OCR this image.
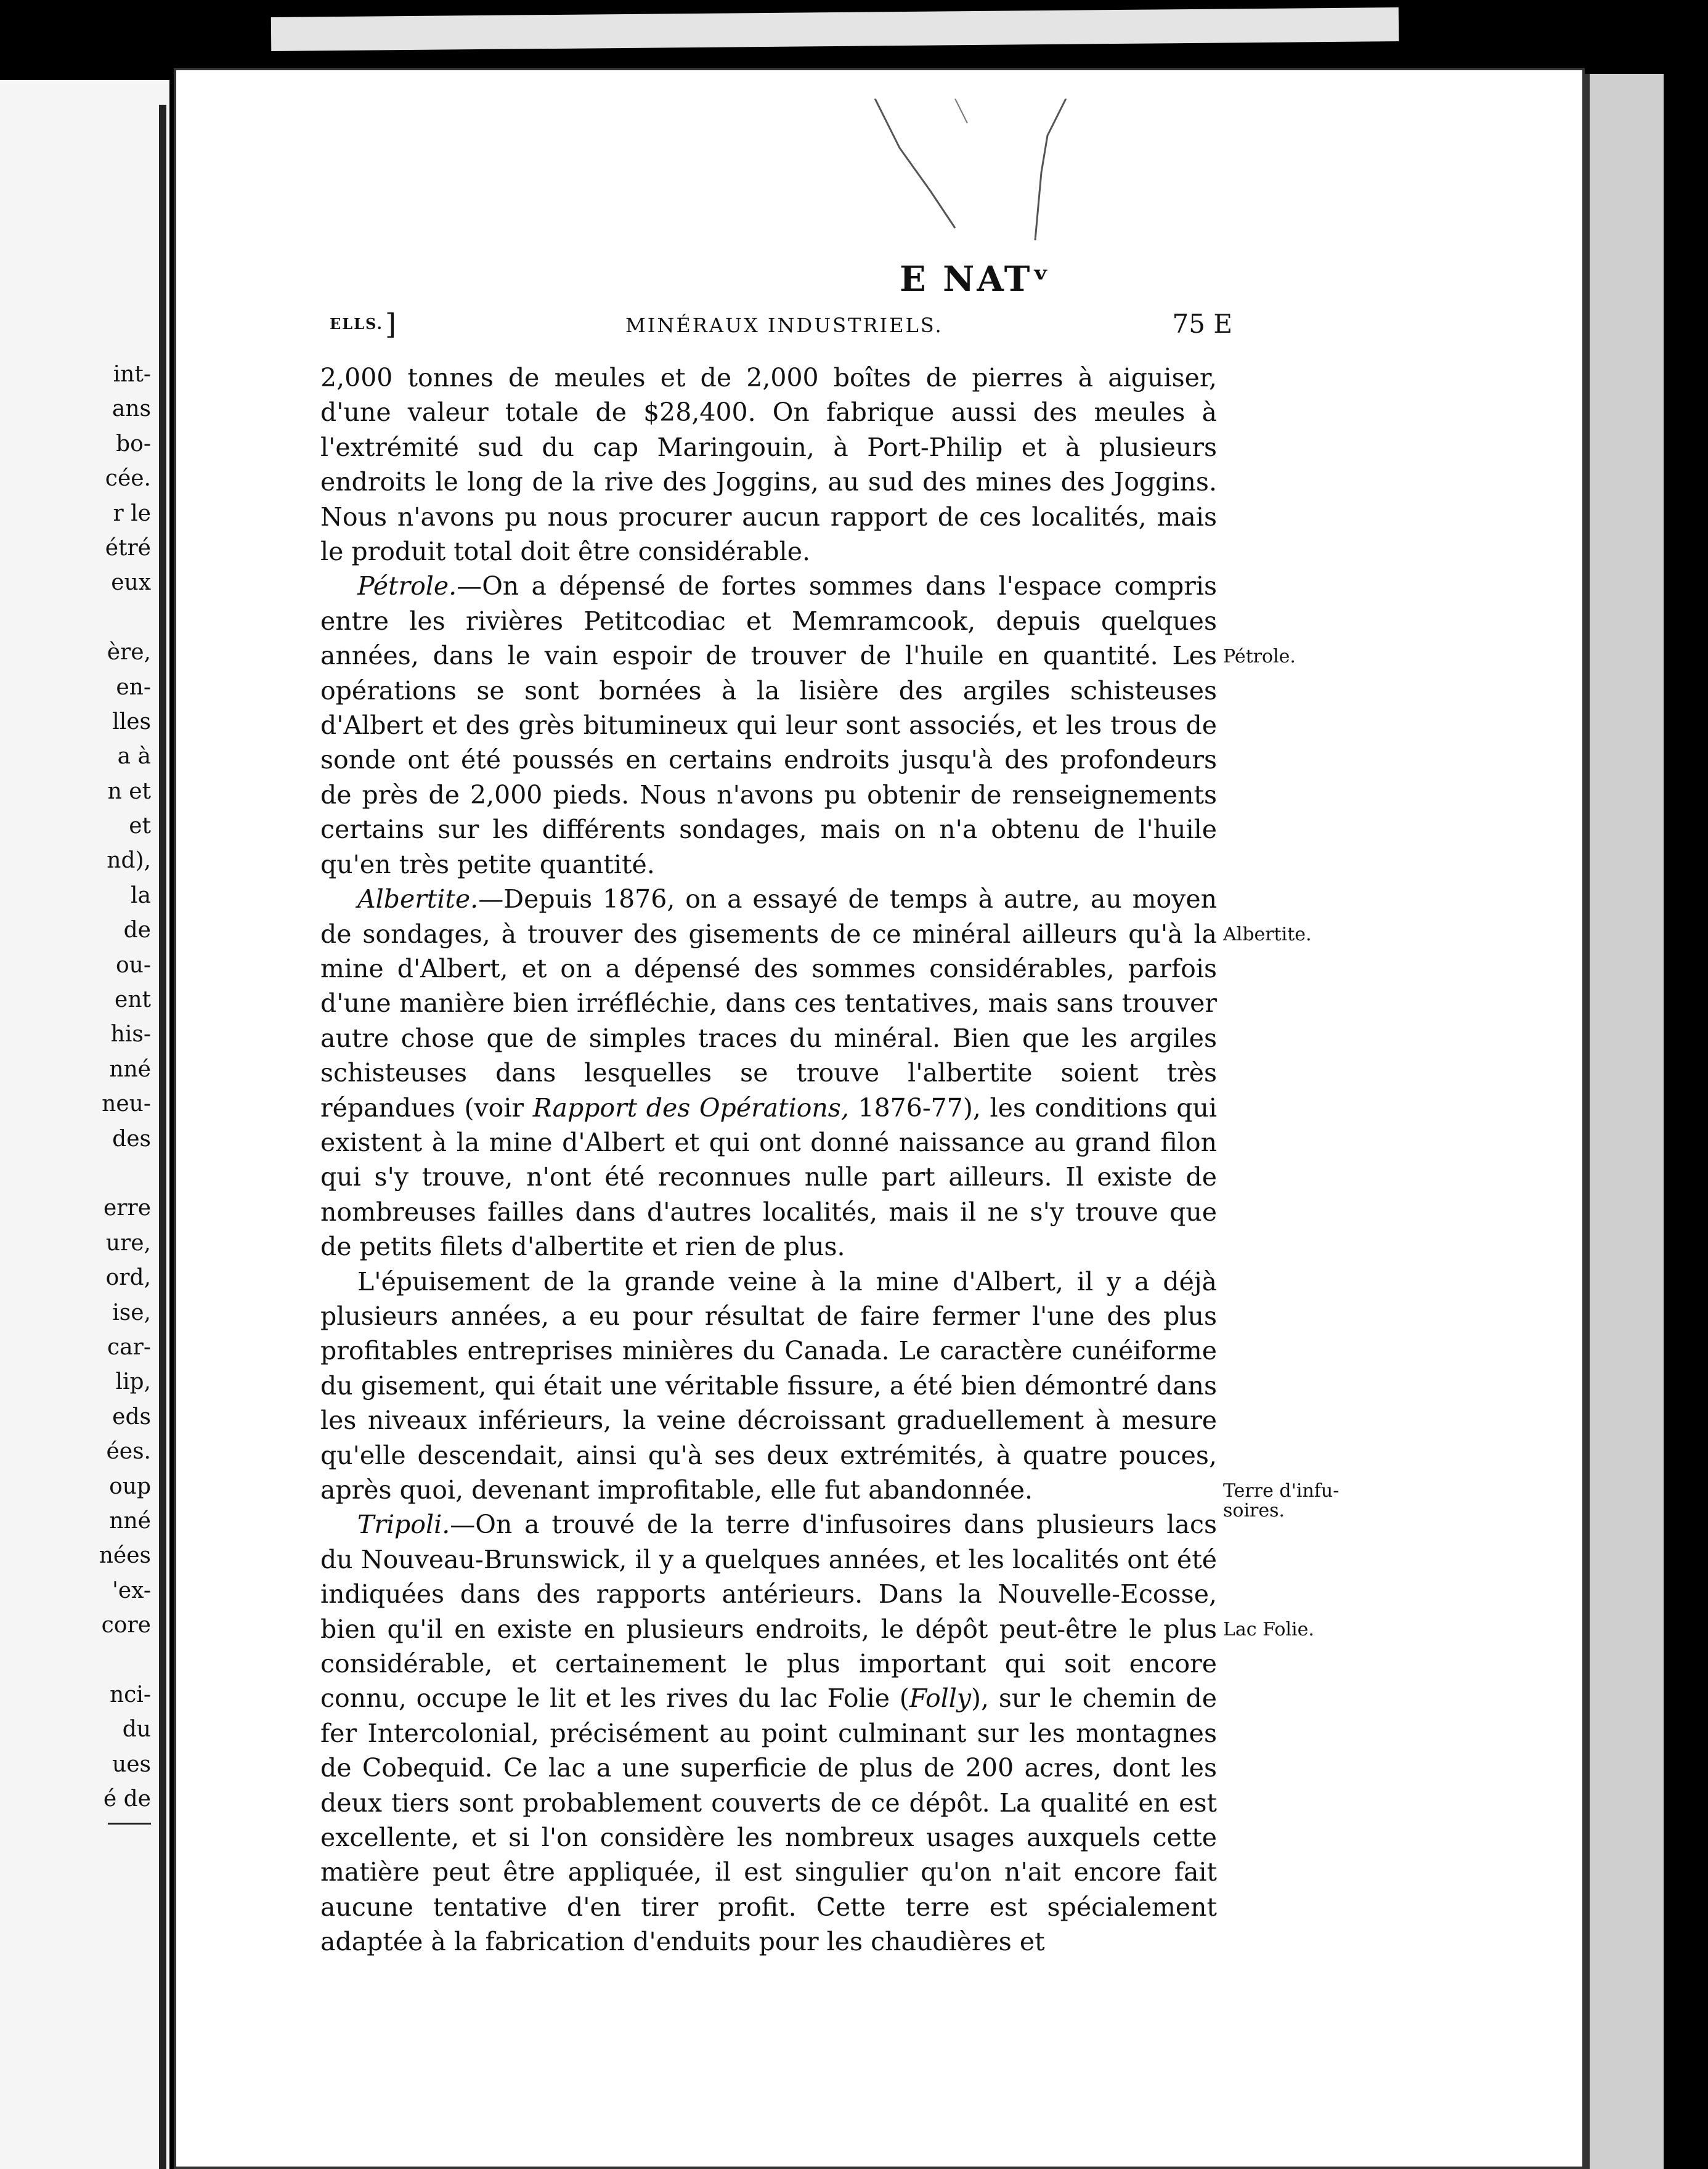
int-
ans
bo-
cée.
r le
étré
eux
ère,
en-
lles
a à
n et
et
nd),
la
de
ou-
ent
his-
nné
neu-
des
erre
ure,
ord,
ise,
car-
lip,
eds
ées.
oup
nné
nées
'ex-
core
nci-
du
ues
é de
E NATᵛ
ELLS. ]	MINÉRAUX INDUSTRIELS.	75 E

2,000 tonnes de meules et de 2,000 boîtes de pierres à aiguiser, d'une valeur totale de $28,400. On fabrique aussi des meules à l'extrémité sud du cap Maringouin, à Port-Philip et à plusieurs endroits le long de la rive des Joggins, au sud des mines des Joggins. Nous n'avons pu nous procurer aucun rapport de ces localités, mais le produit total doit être considérable.

Pétrole.—On a dépensé de fortes sommes dans l'espace compris entre les rivières Petitcodiac et Memramcook, depuis quelques années, dans le vain espoir de trouver de l'huile en quantité. Les opérations se sont bornées à la lisière des argiles schisteuses d'Albert et des grès bitumineux qui leur sont associés, et les trous de sonde ont été poussés en certains endroits jusqu'à des profondeurs de près de 2,000 pieds. Nous n'avons pu obtenir de renseignements certains sur les différents sondages, mais on n'a obtenu de l'huile qu'en très petite quantité.

Albertite.—Depuis 1876, on a essayé de temps à autre, au moyen de sondages, à trouver des gisements de ce minéral ailleurs qu'à la mine d'Albert, et on a dépensé des sommes considérables, parfois d'une manière bien irréfléchie, dans ces tentatives, mais sans trouver autre chose que de simples traces du minéral. Bien que les argiles schisteuses dans lesquelles se trouve l'albertite soient très répandues (voir Rapport des Opérations, 1876-77), les conditions qui existent à la mine d'Albert et qui ont donné naissance au grand filon qui s'y trouve, n'ont été reconnues nulle part ailleurs. Il existe de nombreuses failles dans d'autres localités, mais il ne s'y trouve que de petits filets d'albertite et rien de plus.

L'épuisement de la grande veine à la mine d'Albert, il y a déjà plusieurs années, a eu pour résultat de faire fermer l'une des plus profitables entreprises minières du Canada. Le caractère cunéiforme du gisement, qui était une véritable fissure, a été bien démontré dans les niveaux inférieurs, la veine décroissant graduellement à mesure qu'elle descendait, ainsi qu'à ses deux extrémités, à quatre pouces, après quoi, devenant improfitable, elle fut abandonnée.

Tripoli.—On a trouvé de la terre d'infusoires dans plusieurs lacs du Nouveau-Brunswick, il y a quelques années, et les localités ont été indiquées dans des rapports antérieurs. Dans la Nouvelle-Ecosse, bien qu'il en existe en plusieurs endroits, le dépôt peut-être le plus considérable, et certainement le plus important qui soit encore connu, occupe le lit et les rives du lac Folie (Folly), sur le chemin de fer Intercolonial, précisément au point culminant sur les montagnes de Cobequid. Ce lac a une superficie de plus de 200 acres, dont les deux tiers sont probablement couverts de ce dépôt. La qualité en est excellente, et si l'on considère les nombreux usages auxquels cette matière peut être appliquée, il est singulier qu'on n'ait encore fait aucune tentative d'en tirer profit. Cette terre est spécialement adaptée à la fabrication d'enduits pour les chaudières et

Pétrole.
Albertite.
Terre d'infu-
soires.
Lac Folie.
